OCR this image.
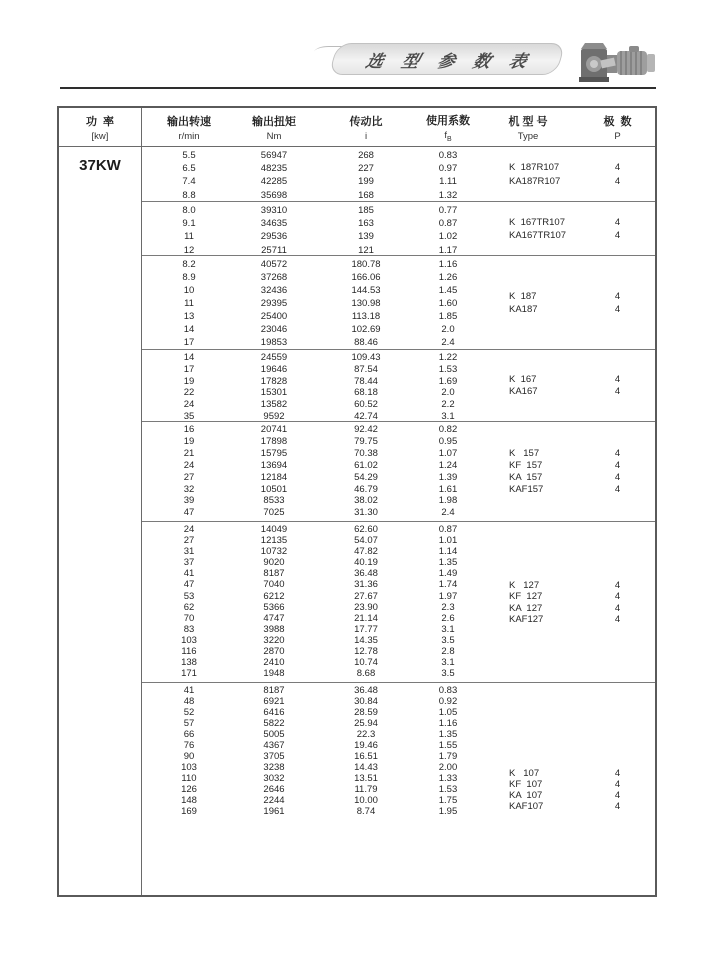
选 型 参 数 表
功  率
[kw]
37KW
输出转速
r/min
输出扭矩
Nm
传动比
i
使用系数
$f_B$
机 型 号
Type
极  数
P
5.5
6.5
7.4
8.8
56947
48235
42285
35698
268
227
199
168
0.83
0.97
1.11
1.32
K  187R107
KA187R107
4
4
8.0
9.1
11
12
39310
34635
29536
25711
185
163
139
121
0.77
0.87
1.02
1.17
K  167TR107
KA167TR107
4
4
8.2
8.9
10
11
13
14
17
40572
37268
32436
29395
25400
23046
19853
180.78
166.06
144.53
130.98
113.18
102.69
88.46
1.16
1.26
1.45
1.60
1.85
2.0
2.4
K  187
KA187
4
4
14
17
19
22
24
35
24559
19646
17828
15301
13582
9592
109.43
87.54
78.44
68.18
60.52
42.74
1.22
1.53
1.69
2.0
2.2
3.1
K  167
KA167
4
4
16
19
21
24
27
32
39
47
20741
17898
15795
13694
12184
10501
8533
7025
92.42
79.75
70.38
61.02
54.29
46.79
38.02
31.30
0.82
0.95
1.07
1.24
1.39
1.61
1.98
2.4
K   157
KF  157
KA  157
KAF157
4
4
4
4
24
27
31
37
41
47
53
62
70
83
103
116
138
171
14049
12135
10732
9020
8187
7040
6212
5366
4747
3988
3220
2870
2410
1948
62.60
54.07
47.82
40.19
36.48
31.36
27.67
23.90
21.14
17.77
14.35
12.78
10.74
8.68
0.87
1.01
1.14
1.35
1.49
1.74
1.97
2.3
2.6
3.1
3.5
2.8
3.1
3.5
K   127
KF  127
KA  127
KAF127
4
4
4
4
41
48
52
57
66
76
90
103
110
126
148
169
8187
6921
6416
5822
5005
4367
3705
3238
3032
2646
2244
1961
36.48
30.84
28.59
25.94
22.3
19.46
16.51
14.43
13.51
11.79
10.00
8.74
0.83
0.92
1.05
1.16
1.35
1.55
1.79
2.00
1.33
1.53
1.75
1.95
K   107
KF  107
KA  107
KAF107
4
4
4
4
